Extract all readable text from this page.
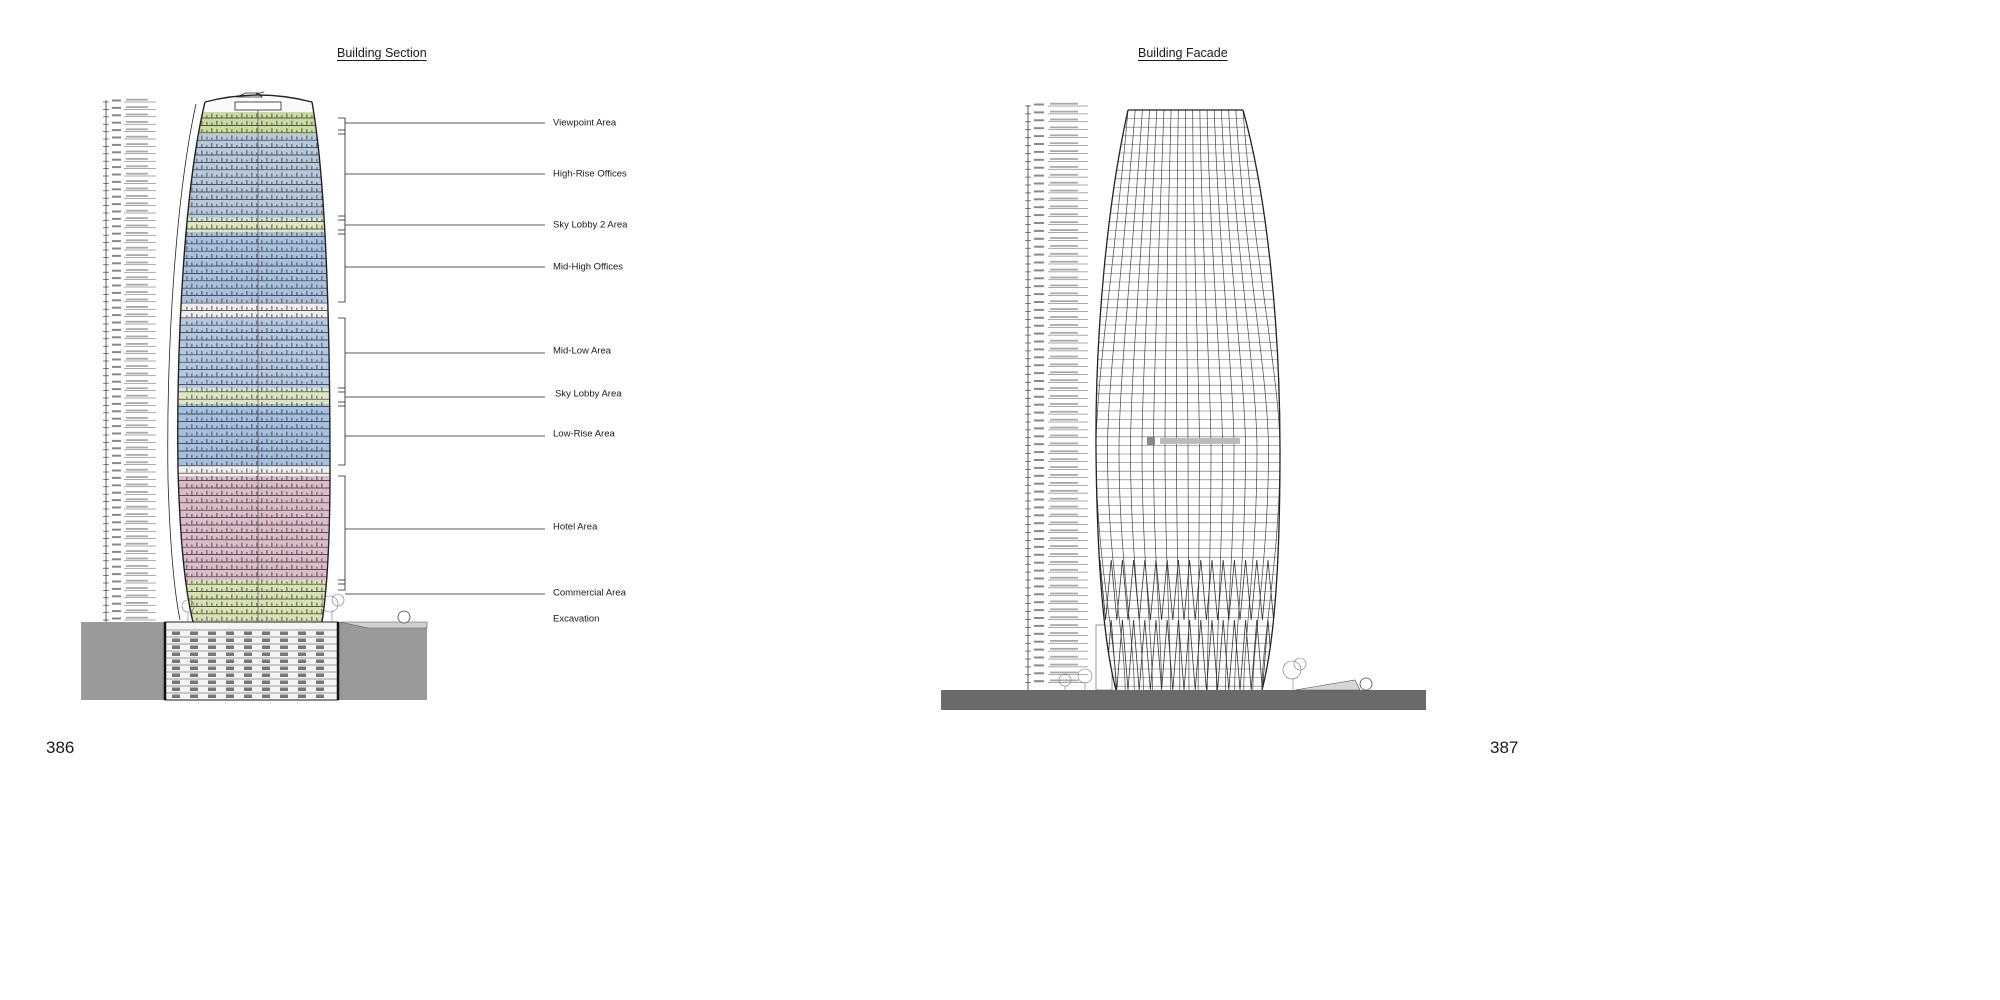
Building Section	Building Facade
386	387
Viewpoint Area
High-Rise Offices
Sky Lobby 2 Area
Mid-High Offices
Mid-Low Area
Sky Lobby Area
Low-Rise Area
Hotel Area
Commercial Area
Excavation
